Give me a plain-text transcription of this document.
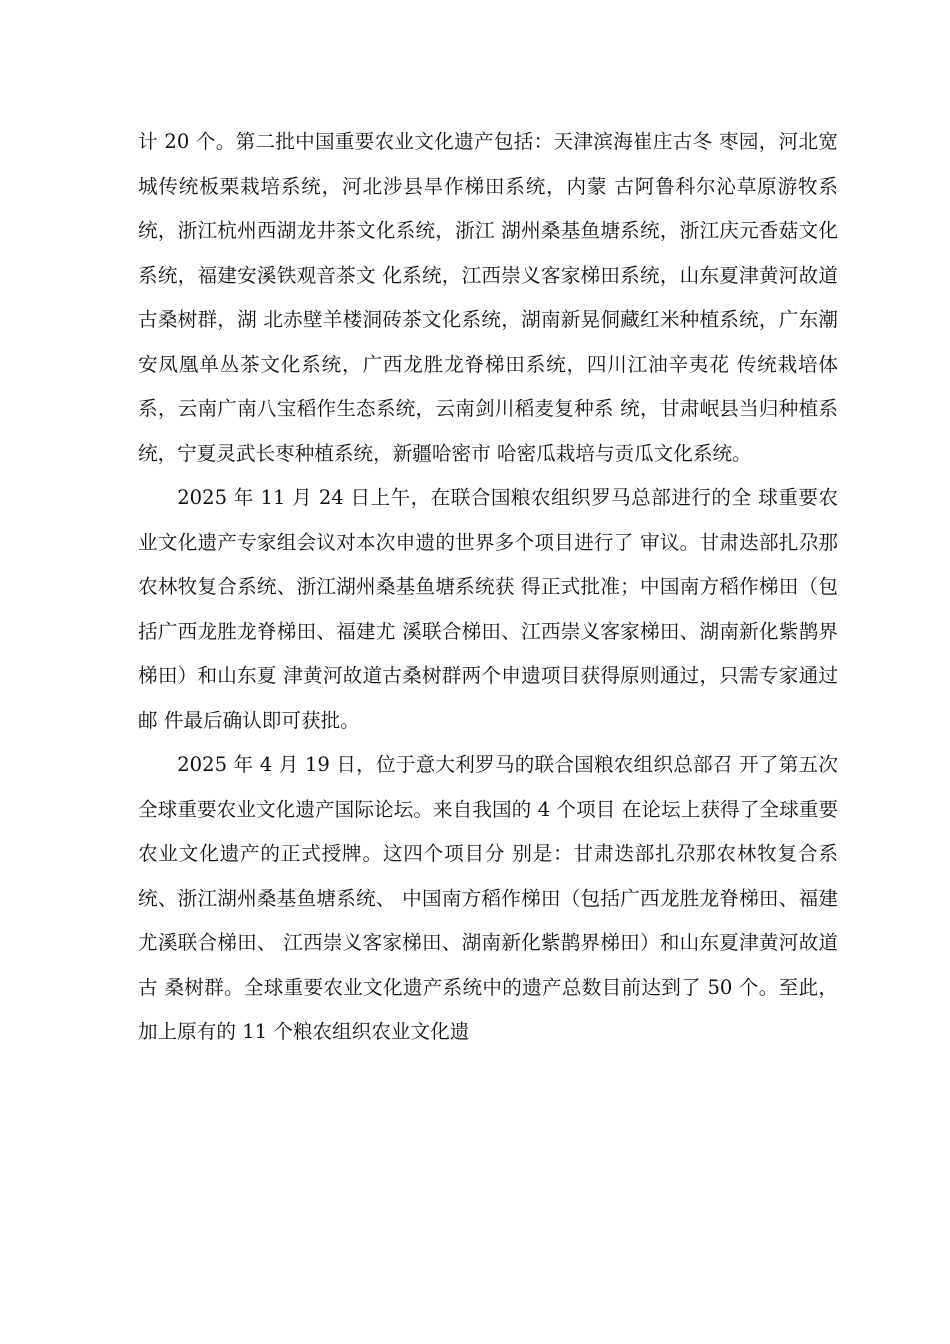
计 20 个。第二批中国重要农业文化遗产包括：天津滨海崔庄古冬 枣园，河北宽城传统板栗栽培系统，河北涉县旱作梯田系统，内蒙 古阿鲁科尔沁草原游牧系统，浙江杭州西湖龙井茶文化系统，浙江 湖州桑基鱼塘系统，浙江庆元香菇文化系统，福建安溪铁观音茶文 化系统，江西崇义客家梯田系统，山东夏津黄河故道古桑树群，湖 北赤壁羊楼洞砖茶文化系统，湖南新晃侗藏红米种植系统，广东潮 安凤凰单丛茶文化系统，广西龙胜龙脊梯田系统，四川江油辛夷花 传统栽培体系，云南广南八宝稻作生态系统，云南剑川稻麦复种系 统，甘肃岷县当归种植系统，宁夏灵武长枣种植系统，新疆哈密市 哈密瓜栽培与贡瓜文化系统。

2025 年 11 月 24 日上午，在联合国粮农组织罗马总部进行的全 球重要农业文化遗产专家组会议对本次申遗的世界多个项目进行了 审议。甘肃迭部扎尕那农林牧复合系统、浙江湖州桑基鱼塘系统获 得正式批准；中国南方稻作梯田（包括广西龙胜龙脊梯田、福建尤 溪联合梯田、江西崇义客家梯田、湖南新化紫鹊界梯田）和山东夏 津黄河故道古桑树群两个申遗项目获得原则通过，只需专家通过邮 件最后确认即可获批。

2025 年 4 月 19 日，位于意大利罗马的联合国粮农组织总部召 开了第五次全球重要农业文化遗产国际论坛。来自我国的 4 个项目 在论坛上获得了全球重要农业文化遗产的正式授牌。这四个项目分 别是：甘肃迭部扎尕那农林牧复合系统、浙江湖州桑基鱼塘系统、 中国南方稻作梯田（包括广西龙胜龙脊梯田、福建尤溪联合梯田、 江西崇义客家梯田、湖南新化紫鹊界梯田）和山东夏津黄河故道古 桑树群。全球重要农业文化遗产系统中的遗产总数目前达到了 50 个。至此，加上原有的 11 个粮农组织农业文化遗
